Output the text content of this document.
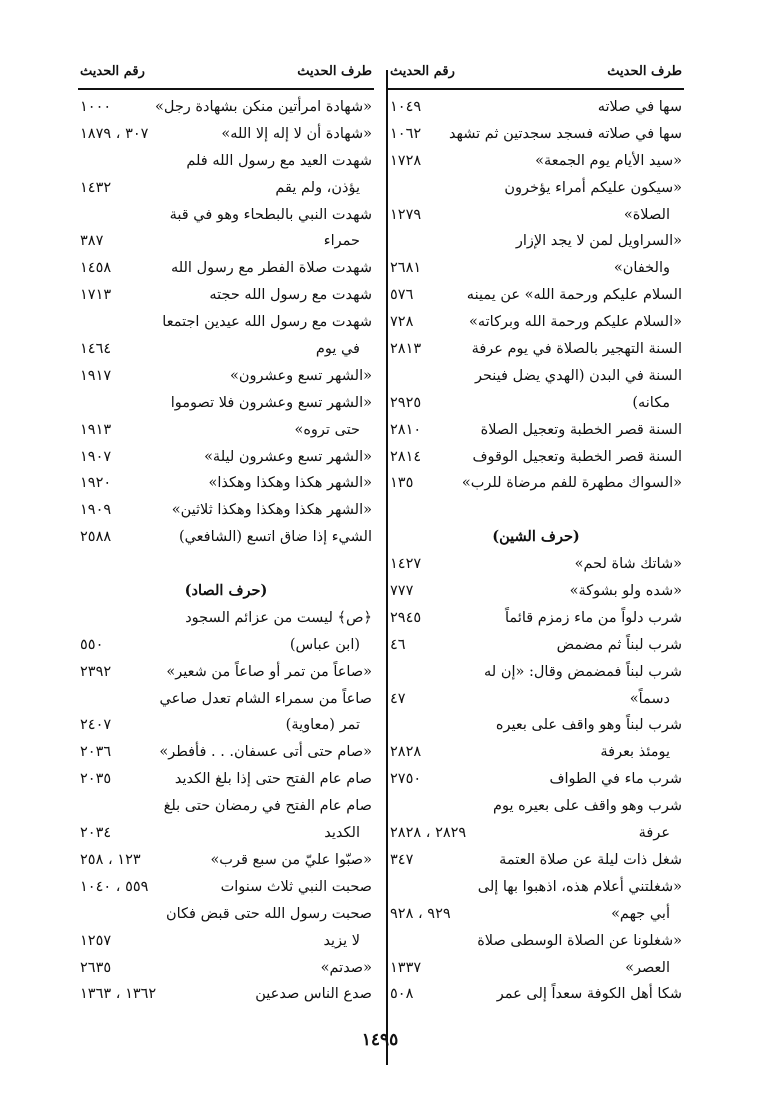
طرف الحديث
رقم الحديث
سها في صلاته
١٠٤٩
سها في صلاته فسجد سجدتين ثم تشهد
١٠٦٢
«سيد الأيام يوم الجمعة»
١٧٢٨
«سيكون عليكم أمراء يؤخرون
الصلاة»
١٢٧٩
«السراويل لمن لا يجد الإزار
والخفان»
٢٦٨١
السلام عليكم ورحمة الله» عن يمينه
٥٧٦
«السلام عليكم ورحمة الله وبركاته»
٧٢٨
السنة التهجير بالصلاة في يوم عرفة
٢٨١٣
السنة في البدن (الهدي يضل فينحر
مكانه)
٢٩٢٥
السنة قصر الخطبة وتعجيل الصلاة
٢٨١٠
السنة قصر الخطبة وتعجيل الوقوف
٢٨١٤
«السواك مطهرة للفم مرضاة للرب»
١٣٥
(حرف الشين)
«شاتك شاة لحم»
١٤٢٧
«شده ولو بشوكة»
٧٧٧
شرب دلواً من ماء زمزم قائماً
٢٩٤٥
شرب لبناً ثم مضمض
٤٦
شرب لبناً فمضمض وقال: «إن له
دسماً»
٤٧
شرب لبناً وهو واقف على بعيره
يومئذ بعرفة
٢٨٢٨
شرب ماء في الطواف
٢٧٥٠
شرب وهو واقف على بعيره يوم
عرفة
٢٨٢٩ ، ٢٨٢٨
شغل ذات ليلة عن صلاة العتمة
٣٤٧
«شغلتني أعلام هذه، اذهبوا بها إلى
أبي جهم»
٩٢٩ ، ٩٢٨
«شغلونا عن الصلاة الوسطى صلاة
العصر»
١٣٣٧
شكا أهل الكوفة سعداً إلى عمر
٥٠٨
طرف الحديث
رقم الحديث
«شهادة امرأتين منكن بشهادة رجل»
١٠٠٠
«شهادة أن لا إله إلا الله»
٣٠٧ ، ١٨٧٩
شهدت العيد مع رسول الله فلم
يؤذن، ولم يقم
١٤٣٢
شهدت النبي بالبطحاء وهو في قبة
حمراء
٣٨٧
شهدت صلاة الفطر مع رسول الله
١٤٥٨
شهدت مع رسول الله حجته
١٧١٣
شهدت مع رسول الله عيدين اجتمعا
في يوم
١٤٦٤
«الشهر تسع وعشرون»
١٩١٧
«الشهر تسع وعشرون فلا تصوموا
حتى تروه»
١٩١٣
«الشهر تسع وعشرون ليلة»
١٩٠٧
«الشهر هكذا وهكذا وهكذا»
١٩٢٠
«الشهر هكذا وهكذا وهكذا ثلاثين»
١٩٠٩
الشيء إذا ضاق اتسع (الشافعي)
٢٥٨٨
(حرف الصاد)
﴿ص﴾ ليست من عزائم السجود
(ابن عباس)
٥٥٠
«صاعاً من تمر أو صاعاً من شعير»
٢٣٩٢
صاعاً من سمراء الشام تعدل صاعي
تمر (معاوية)
٢٤٠٧
«صام حتى أتى عسفان. . . فأفطر»
٢٠٣٦
صام عام الفتح حتى إذا بلغ الكديد
٢٠٣٥
صام عام الفتح في رمضان حتى بلغ
الكديد
٢٠٣٤
«صبّوا عليّ من سبع قرب»
١٢٣ ، ٢٥٨
صحبت النبي ثلاث سنوات
٥٥٩ ، ١٠٤٠
صحبت رسول الله حتى قبض فكان
لا يزيد
١٢٥٧
«صدتم»
٢٦٣٥
صدع الناس صدعين
١٣٦٢ ، ١٣٦٣
١٤٩٥
